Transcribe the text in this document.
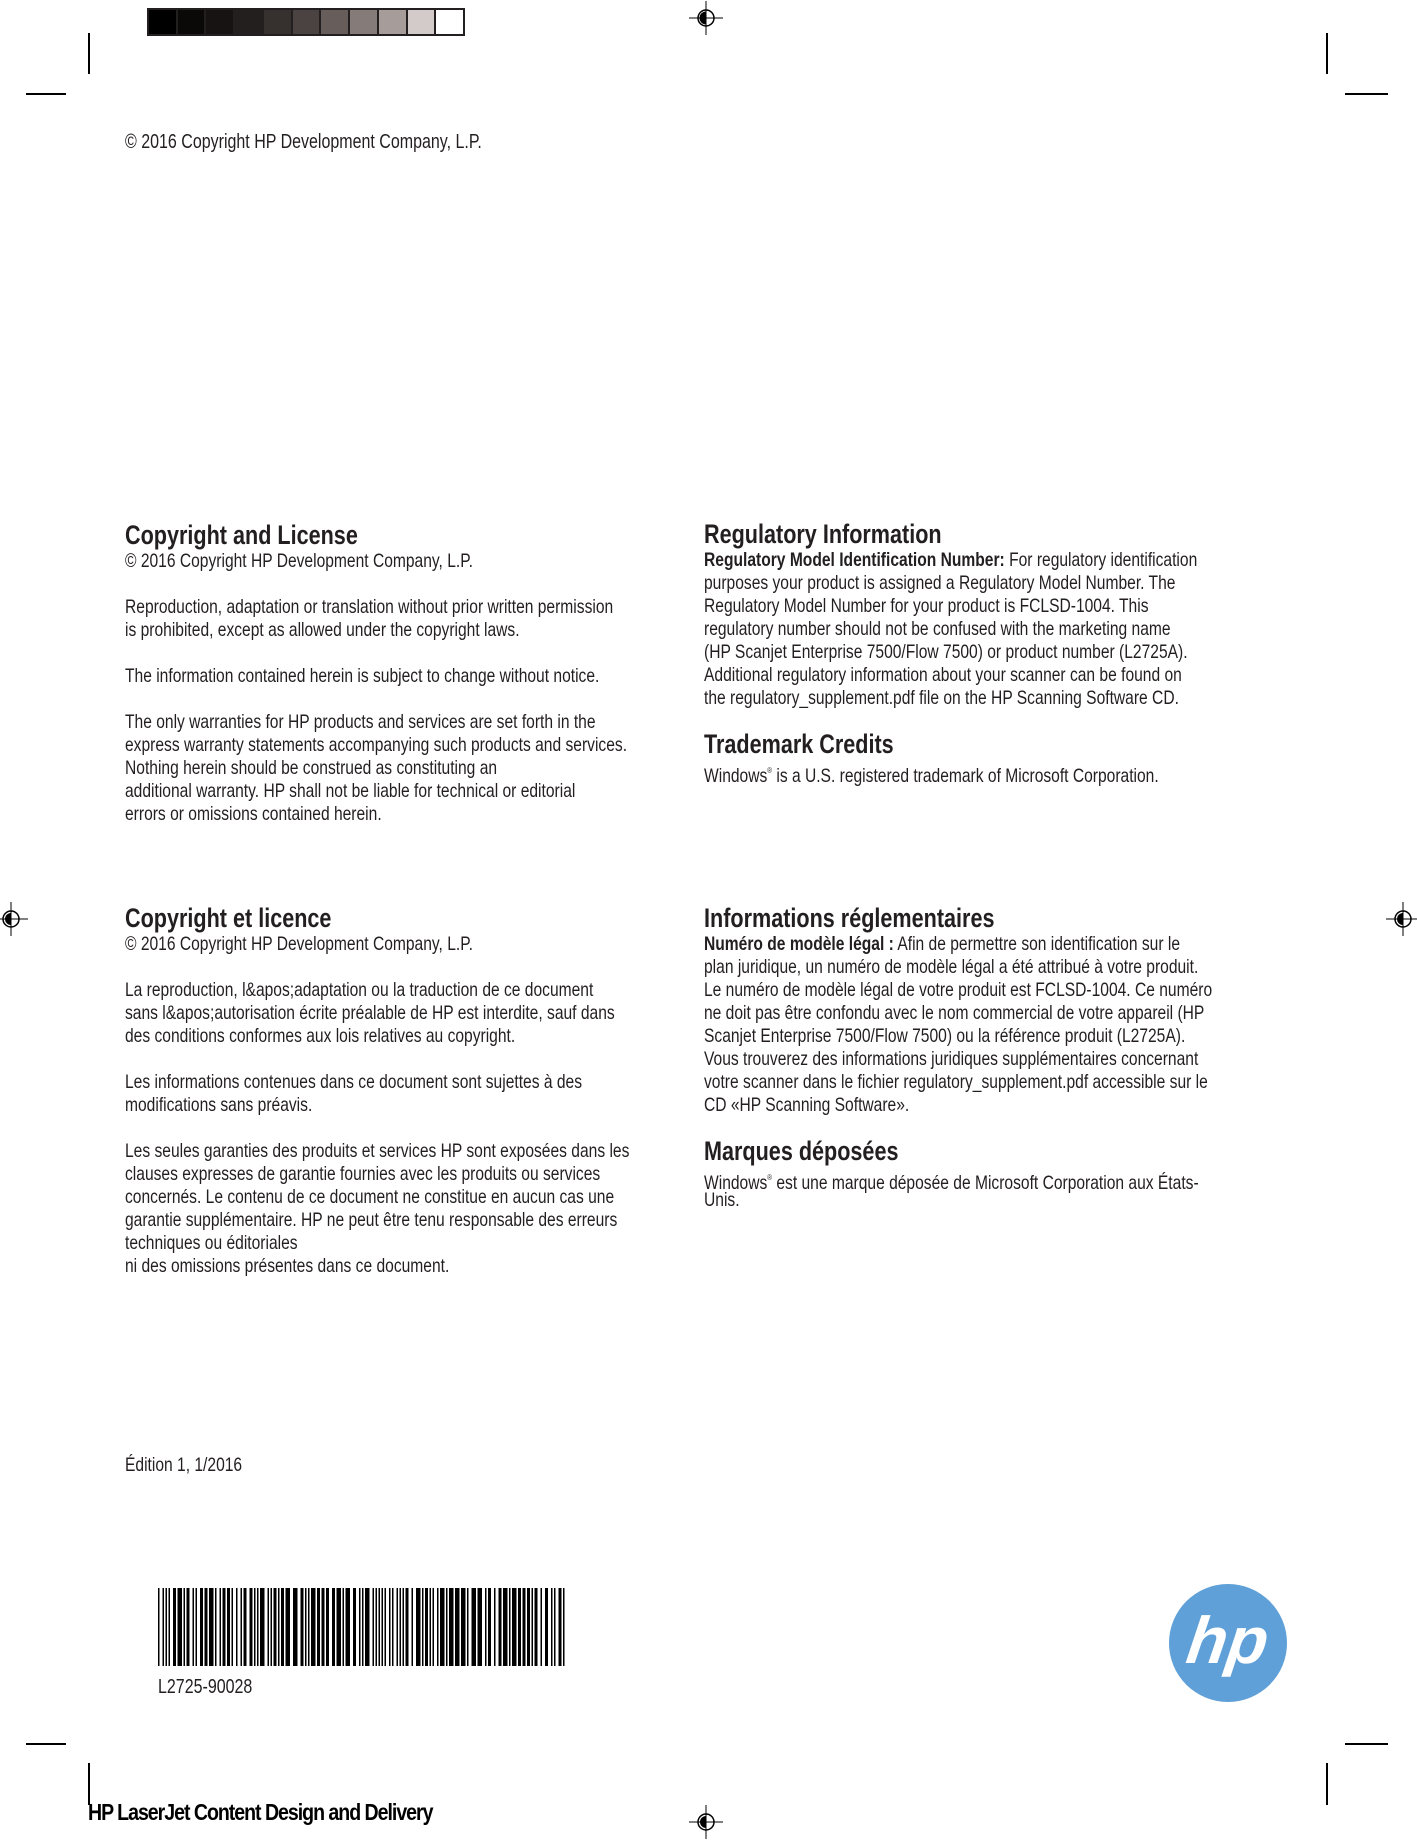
© 2016 Copyright HP Development Company, L.P.
Copyright and License
© 2016 Copyright HP Development Company, L.P.
Reproduction, adaptation or translation without prior written permission
is prohibited, except as allowed under the copyright laws.
The information contained herein is subject to change without notice.
The only warranties for HP products and services are set forth in the
express warranty statements accompanying such products and services.
Nothing herein should be construed as constituting an
additional warranty. HP shall not be liable for technical or editorial
errors or omissions contained herein.
Regulatory Information
Regulatory Model Identification Number: For regulatory identification
purposes your product is assigned a Regulatory Model Number. The
Regulatory Model Number for your product is FCLSD-1004. This
regulatory number should not be confused with the marketing name
(HP Scanjet Enterprise 7500/Flow 7500) or product number (L2725A).
Additional regulatory information about your scanner can be found on
the regulatory_supplement.pdf file on the HP Scanning Software CD.
Trademark Credits
Windows® is a U.S. registered trademark of Microsoft Corporation.
Copyright et licence
© 2016 Copyright HP Development Company, L.P.
La reproduction, l&apos;adaptation ou la traduction de ce document
sans l&apos;autorisation écrite préalable de HP est interdite, sauf dans
des conditions conformes aux lois relatives au copyright.
Les informations contenues dans ce document sont sujettes à des
modifications sans préavis.
Les seules garanties des produits et services HP sont exposées dans les
clauses expresses de garantie fournies avec les produits ou services
concernés. Le contenu de ce document ne constitue en aucun cas une
garantie supplémentaire. HP ne peut être tenu responsable des erreurs
techniques ou éditoriales
ni des omissions présentes dans ce document.
Informations réglementaires
Numéro de modèle légal : Afin de permettre son identification sur le
plan juridique, un numéro de modèle légal a été attribué à votre produit.
Le numéro de modèle légal de votre produit est FCLSD-1004. Ce numéro
ne doit pas être confondu avec le nom commercial de votre appareil (HP
Scanjet Enterprise 7500/Flow 7500) ou la référence produit (L2725A).
Vous trouverez des informations juridiques supplémentaires concernant
votre scanner dans le fichier regulatory_supplement.pdf accessible sur le
CD «HP Scanning Software».
Marques déposées
Windows® est une marque déposée de Microsoft Corporation aux États-
Unis.
Édition 1, 1/2016
L2725-90028
hp
HP LaserJet Content Design and Delivery
